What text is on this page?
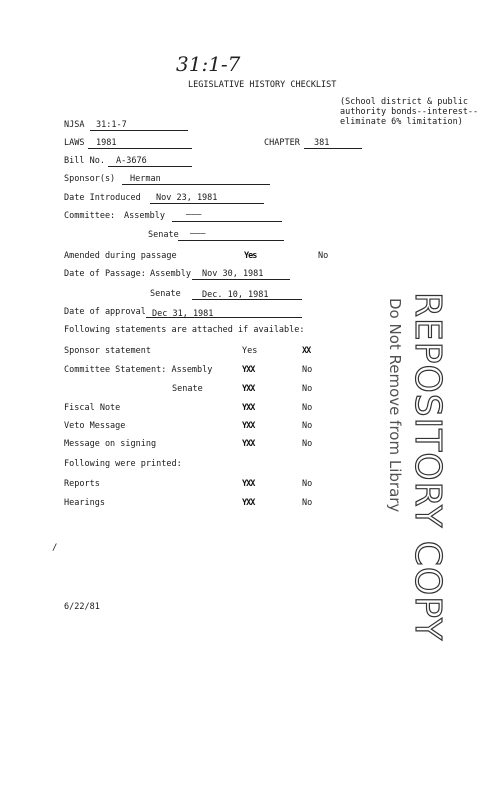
31:1-7
LEGISLATIVE HISTORY CHECKLIST
(School district & public
authority bonds--interest--
eliminate 6% limitation)
NJSA 31:1-7
LAWS 1981	CHAPTER 381
Bill No. A-3676
Sponsor(s) Herman
Date Introduced Nov 23, 1981
Committee: Assembly ———
Senate ———
Amended during passage	Yes	No
Date of Passage: Assembly Nov 30, 1981
Senate	Dec. 10, 1981
Date of approval Dec 31, 1981
Following statements are attached if available:
Sponsor statement	Yes	XX
Committee Statement: Assembly	YXX	No
Senate	YXX	No
Fiscal Note	YXX	No
Veto Message	YXX	No
Message on signing	YXX	No
Following were printed:
Reports	YXX	No
Hearings	YXX	No	REPOSITORY COPY
Do Not Remove from Library
/
6/22/81
